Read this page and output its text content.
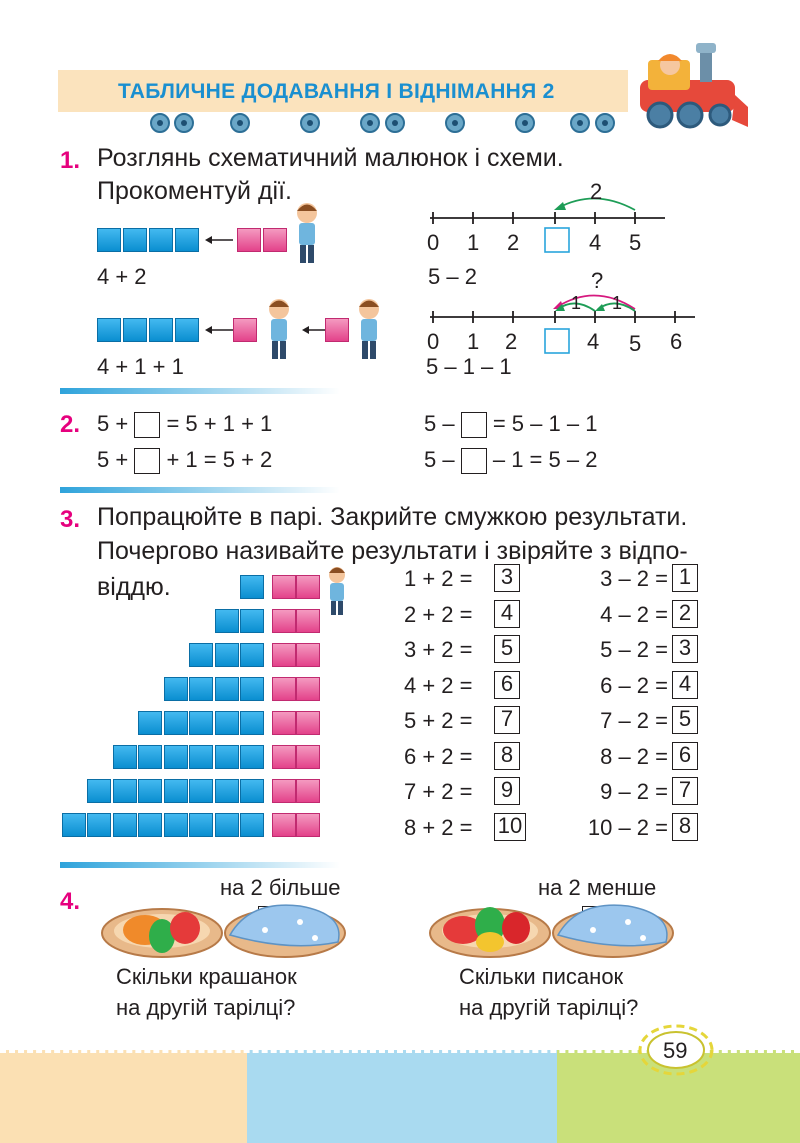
ТАБЛИЧНЕ ДОДАВАННЯ І ВІДНІМАННЯ 2
1. Розглянь схематичний малюнок і схеми.
Прокоментуй дії.
4 + 2
4 + 1 + 1
2
0 1 2	4 5
5 – 2	?
1 1
0 1 2	4 5 6
5 – 1 – 1
2. 5 + = 5 + 1 + 1
5 + + 1 = 5 + 2
5 – = 5 – 1 – 1
5 – – 1 = 5 – 2
3. Попрацюйте в парі. Закрийте смужкою результати.
Почергово називайте результати і звіряйте з відпо-
віддю.	1 + 2 =	3	3 – 2 = 1
2 + 2 =	4	4 – 2 = 2
3 + 2 =	5	5 – 2 = 3
4 + 2 =	6	6 – 2 = 4
5 + 2 =	7	7 – 2 = 5
6 + 2 =	8	8 – 2 = 6
7 + 2 =	9	9 – 2 = 7
8 + 2 = 10	10 – 2 = 8
4.
на 2 більше	на 2 менше
Скільки крашанок
на другій тарілці?
Скільки писанок
на другій тарілці?
59
